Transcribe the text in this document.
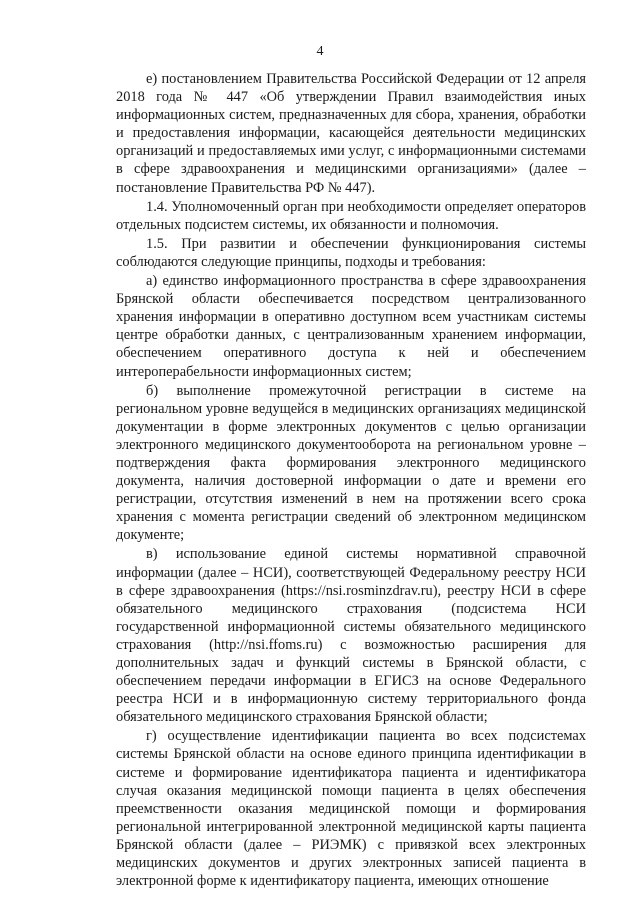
4

е) постановлением Правительства Российской Федерации от 12 апреля 2018 года № 447 «Об утверждении Правил взаимодействия иных информационных систем, предназначенных для сбора, хранения, обработки и предоставления информации, касающейся деятельности медицинских организаций и предоставляемых ими услуг, с информационными системами в сфере здравоохранения и медицинскими организациями» (далее – постановление Правительства РФ № 447).

1.4. Уполномоченный орган при необходимости определяет операторов отдельных подсистем системы, их обязанности и полномочия.

1.5. При развитии и обеспечении функционирования системы соблюдаются следующие принципы, подходы и требования:

а) единство информационного пространства в сфере здравоохранения Брянской области обеспечивается посредством централизованного хранения информации в оперативно доступном всем участникам системы центре обработки данных, с централизованным хранением информации, обеспечением оперативного доступа к ней и обеспечением интероперабельности информационных систем;

б) выполнение промежуточной регистрации в системе на региональном уровне ведущейся в медицинских организациях медицинской документации в форме электронных документов с целью организации электронного медицинского документооборота на региональном уровне – подтверждения факта формирования электронного медицинского документа, наличия достоверной информации о дате и времени его регистрации, отсутствия изменений в нем на протяжении всего срока хранения с момента регистрации сведений об электронном медицинском документе;

в) использование единой системы нормативной справочной информации (далее – НСИ), соответствующей Федеральному реестру НСИ в сфере здравоохранения (https://nsi.rosminzdrav.ru), реестру НСИ в сфере обязательного медицинского страхования (подсистема НСИ государственной информационной системы обязательного медицинского страхования (http://nsi.ffoms.ru) с возможностью расширения для дополнительных задач и функций системы в Брянской области, с обеспечением передачи информации в ЕГИСЗ на основе Федерального реестра НСИ и в информационную систему территориального фонда обязательного медицинского страхования Брянской области;

г) осуществление идентификации пациента во всех подсистемах системы Брянской области на основе единого принципа идентификации в системе и формирование идентификатора пациента и идентификатора случая оказания медицинской помощи пациента в целях обеспечения преемственности оказания медицинской помощи и формирования региональной интегрированной электронной медицинской карты пациента Брянской области (далее – РИЭМК) с привязкой всех электронных медицинских документов и других электронных записей пациента в электронной форме к идентификатору пациента, имеющих отношение
